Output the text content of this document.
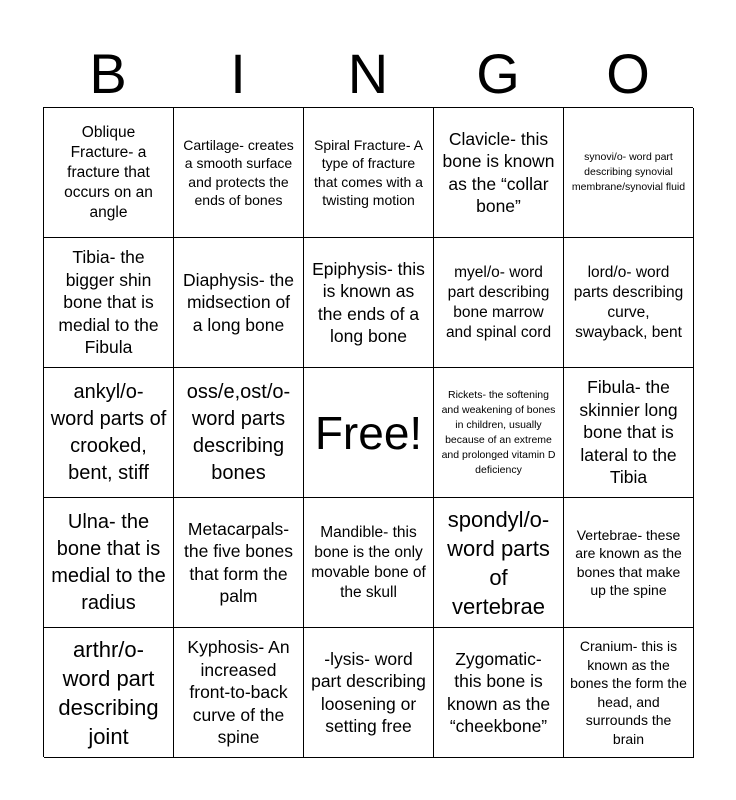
B	I	N	G	O
Oblique Fracture- a fracture that occurs on an angle
Cartilage- creates a smooth surface and protects the ends of bones
Spiral Fracture- A type of fracture that comes with a twisting motion
Clavicle- this bone is known as the “collar bone”
synovi/o- word part describing synovial membrane/synovial fluid
Tibia- the bigger shin bone that is medial to the Fibula
Diaphysis- the midsection of a long bone
Epiphysis- this is known as the ends of a long bone
myel/o- word part describing bone marrow and spinal cord
lord/o- word parts describing curve, swayback, bent
ankyl/o- word parts of crooked, bent, stiff
oss/e,ost/o- word parts describing bones
Free!
Rickets- the softening and weakening of bones in children, usually because of an extreme and prolonged vitamin D deficiency
Fibula- the skinnier long bone that is lateral to the Tibia
Ulna- the bone that is medial to the radius
Metacarpals- the five bones that form the palm
Mandible- this bone is the only movable bone of the skull
spondyl/o- word parts of vertebrae
Vertebrae- these are known as the bones that make up the spine
arthr/o- word part describing joint
Kyphosis- An increased front-to-back curve of the spine
-lysis- word part describing loosening or setting free
Zygomatic- this bone is known as the “cheekbone”
Cranium- this is known as the bones the form the head, and surrounds the brain
